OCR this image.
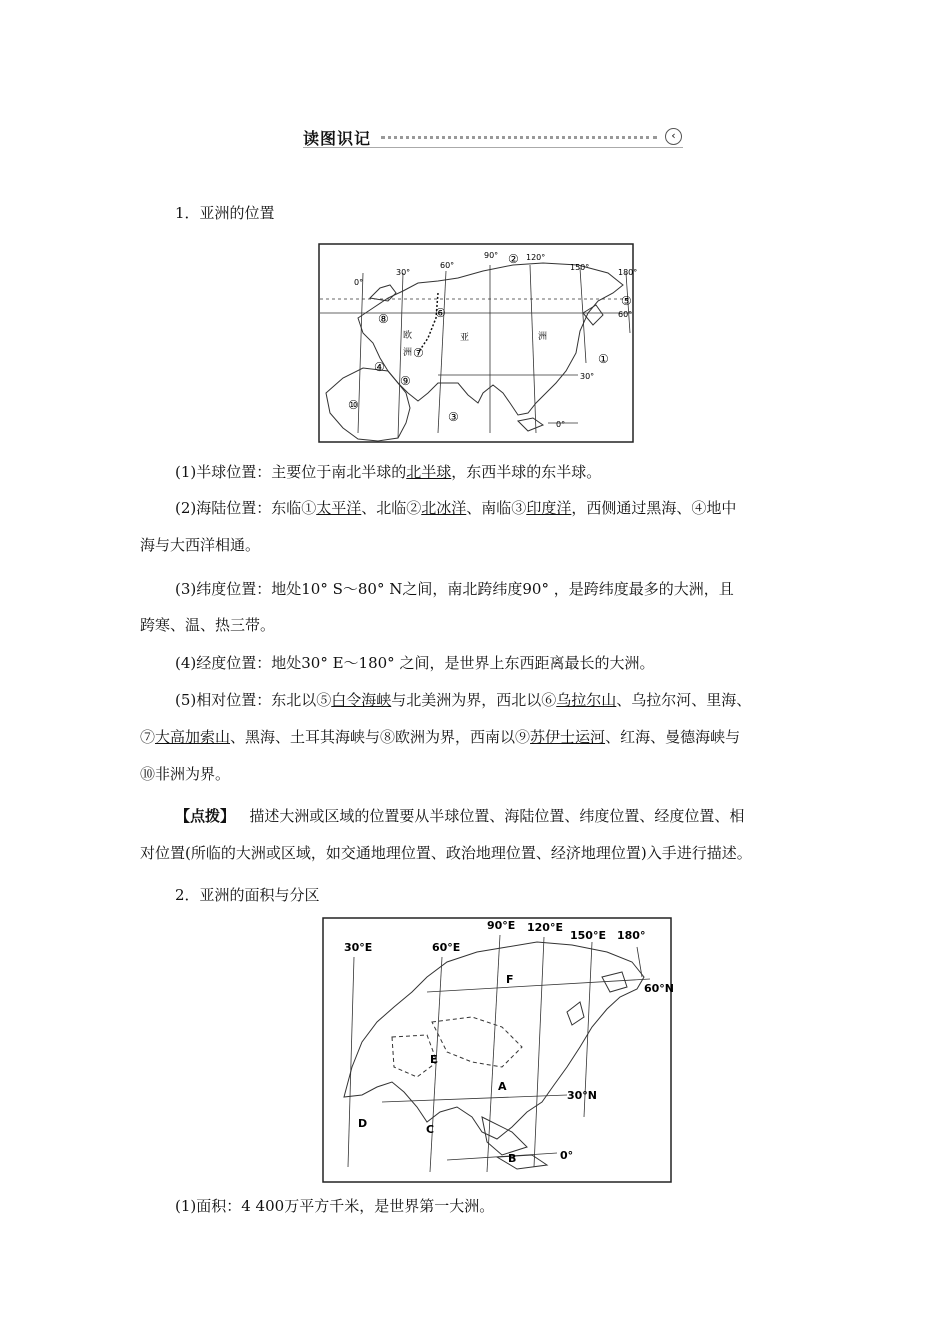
读图识记	‹
1．亚洲的位置
0°
30°
60°
90°	120°
150°
180°
60°
30°
0°
①
②
③
④
⑤
⑥
⑦
⑧
⑨
⑩
欧
洲
亚	洲
(1)半球位置：主要位于南北半球的北半球，东西半球的东半球。
(2)海陆位置：东临①太平洋、北临②北冰洋、南临③印度洋，西侧通过黑海、④地中
海与大西洋相通。
(3)纬度位置：地处10° S～80° N之间，南北跨纬度90° ，是跨纬度最多的大洲，且
跨寒、温、热三带。
(4)经度位置：地处30° E～180° 之间，是世界上东西距离最长的大洲。
(5)相对位置：东北以⑤白令海峡与北美洲为界，西北以⑥乌拉尔山、乌拉尔河、里海、
⑦大高加索山、黑海、土耳其海峡与⑧欧洲为界，西南以⑨苏伊士运河、红海、曼德海峡与
⑩非洲为界。
【点拨】 描述大洲或区域的位置要从半球位置、海陆位置、纬度位置、经度位置、相
对位置(所临的大洲或区域，如交通地理位置、政治地理位置、经济地理位置)入手进行描述。
2．亚洲的面积与分区
30°E	60°E
90°E 120°E
150°E 180°
60°N
30°N
0°
A
B
C
D
E
F
(1)面积：4 400万平方千米，是世界第一大洲。
